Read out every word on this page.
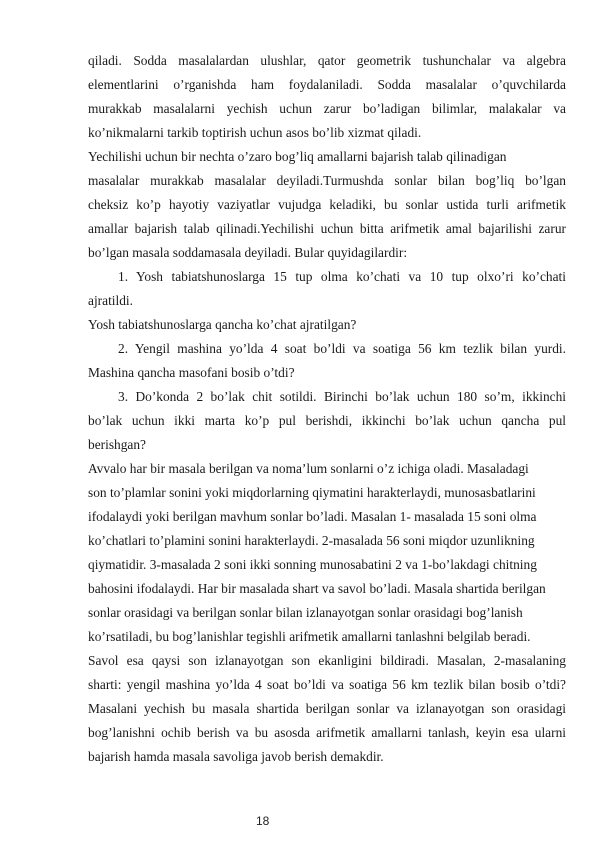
qiladi. Sodda masalalardan ulushlar, qator geometrik tushunchalar va algebra
elementlarini o’rganishda ham foydalaniladi. Sodda masalalar o’quvchilarda
murakkab masalalarni yechish uchun zarur bo’ladigan bilimlar, malakalar va
ko’nikmalarni tarkib toptirish uchun asos bo’lib xizmat qiladi.
Yechilishi uchun bir nechta o’zaro bog’liq amallarni bajarish talab qilinadigan
masalalar murakkab masalalar deyiladi.Turmushda sonlar bilan bog’liq bo’lgan
cheksiz ko’p hayotiy vaziyatlar vujudga keladiki, bu sonlar ustida turli arifmetik
amallar bajarish talab qilinadi.Yechilishi uchun bitta arifmetik amal bajarilishi zarur
bo’lgan masala soddamasala deyiladi. Bular quyidagilardir:
1. Yosh tabiatshunoslarga 15 tup olma ko’chati va 10 tup olxo’ri ko’chati
ajratildi.
Yosh tabiatshunoslarga qancha ko’chat ajratilgan?
2. Yengil mashina yo’lda 4 soat bo’ldi va soatiga 56 km tezlik bilan yurdi.
Mashina qancha masofani bosib o’tdi?
3. Do’konda 2 bo’lak chit sotildi. Birinchi bo’lak uchun 180 so’m, ikkinchi
bo’lak uchun ikki marta ko’p pul berishdi, ikkinchi bo’lak uchun qancha pul
berishgan?
Avvalo har bir masala berilgan va noma’lum sonlarni o’z ichiga oladi. Masaladagi
son to’plamlar sonini yoki miqdorlarning qiymatini harakterlaydi, munosasbatlarini
ifodalaydi yoki berilgan mavhum sonlar bo’ladi. Masalan 1- masalada 15 soni olma
ko’chatlari to’plamini sonini harakterlaydi. 2-masalada 56 soni miqdor uzunlikning
qiymatidir. 3-masalada 2 soni ikki sonning munosabatini 2 va 1-bo’lakdagi chitning
bahosini ifodalaydi. Har bir masalada shart va savol bo’ladi. Masala shartida berilgan
sonlar orasidagi va berilgan sonlar bilan izlanayotgan sonlar orasidagi bog’lanish
ko’rsatiladi, bu bog’lanishlar tegishli arifmetik amallarni tanlashni belgilab beradi.
Savol esa qaysi son izlanayotgan son ekanligini bildiradi. Masalan, 2-masalaning
sharti: yengil mashina yo’lda 4 soat bo’ldi va soatiga 56 km tezlik bilan bosib o’tdi?
Masalani yechish bu masala shartida berilgan sonlar va izlanayotgan son orasidagi
bog’lanishni ochib berish va bu asosda arifmetik amallarni tanlash, keyin esa ularni
bajarish hamda masala savoliga javob berish demakdir.
18
